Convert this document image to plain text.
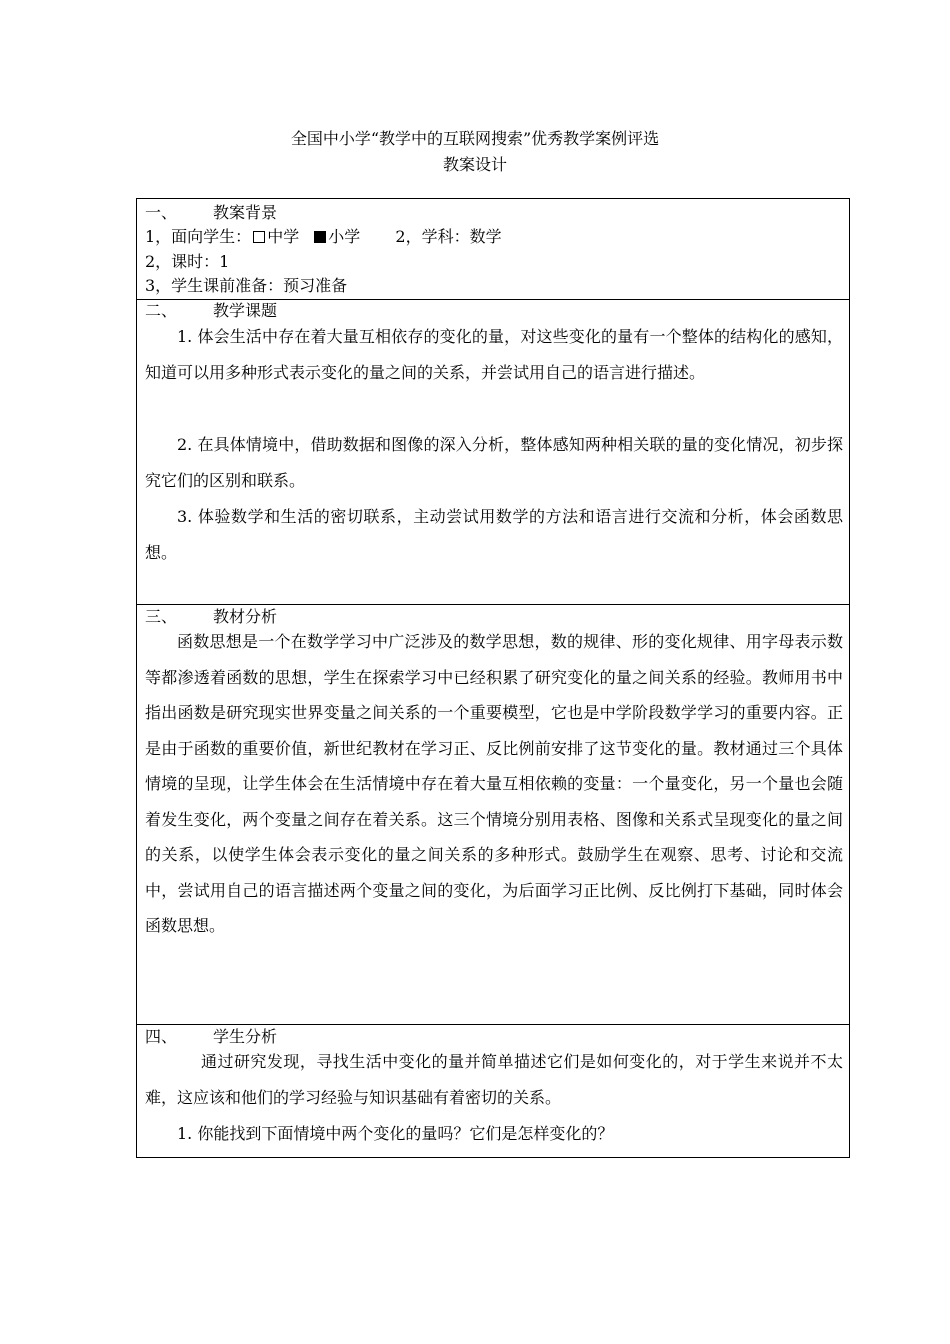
全国中小学“教学中的互联网搜索”优秀教学案例评选
教案设计
一、 教案背景
1，面向学生： 中学 小学 2，学科：数学
2，课时：1
3，学生课前准备：预习准备
二、 教学课题

1. 体会生活中存在着大量互相依存的变化的量，对这些变化的量有一个整体的结构化的感知，知道可以用多种形式表示变化的量之间的关系，并尝试用自己的语言进行描述。

2. 在具体情境中，借助数据和图像的深入分析，整体感知两种相关联的量的变化情况，初步探究它们的区别和联系。

3. 体验数学和生活的密切联系，主动尝试用数学的方法和语言进行交流和分析，体会函数思想。

三、 教材分析

函数思想是一个在数学学习中广泛涉及的数学思想，数的规律、形的变化规律、用字母表示数等都渗透着函数的思想，学生在探索学习中已经积累了研究变化的量之间关系的经验。教师用书中指出函数是研究现实世界变量之间关系的一个重要模型，它也是中学阶段数学学习的重要内容。正是由于函数的重要价值，新世纪教材在学习正、反比例前安排了这节变化的量。教材通过三个具体情境的呈现，让学生体会在生活情境中存在着大量互相依赖的变量：一个量变化，另一个量也会随着发生变化，两个变量之间存在着关系。这三个情境分别用表格、图像和关系式呈现变化的量之间的关系，以使学生体会表示变化的量之间关系的多种形式。鼓励学生在观察、思考、讨论和交流中，尝试用自己的语言描述两个变量之间的变化，为后面学习正比例、反比例打下基础，同时体会函数思想。

四、 学生分析

通过研究发现，寻找生活中变化的量并简单描述它们是如何变化的，对于学生来说并不太难，这应该和他们的学习经验与知识基础有着密切的关系。

1. 你能找到下面情境中两个变化的量吗？它们是怎样变化的？
